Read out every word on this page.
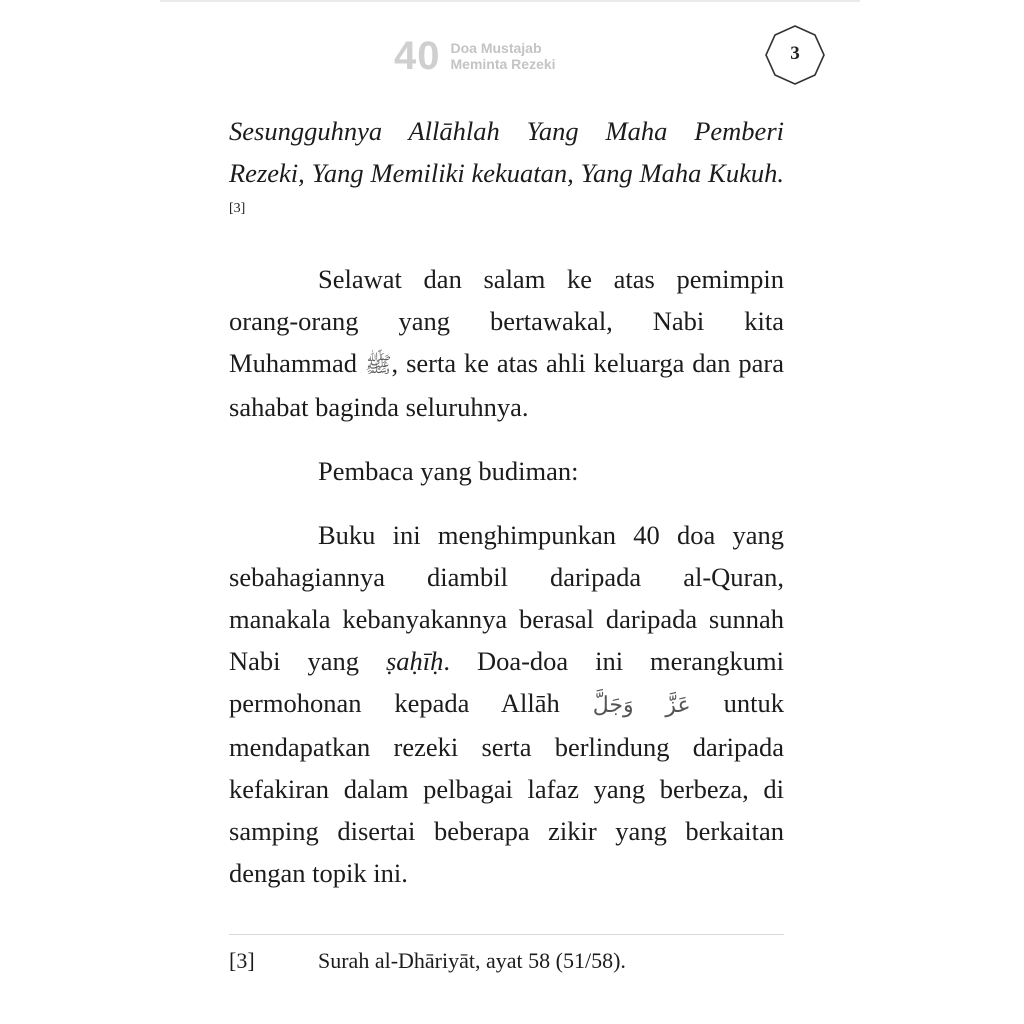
40 Doa Mustajab
Meminta Rezeki	3

Sesungguhnya Allāhlah Yang Maha Pemberi Rezeki, Yang Memiliki kekuatan, Yang Maha Kukuh.[3]

Selawat dan salam ke atas pemimpin orang-orang yang bertawakal, Nabi kita Muhammad ﷺ, serta ke atas ahli keluarga dan para sahabat baginda seluruhnya.

Pembaca yang budiman:

Buku ini menghimpunkan 40 doa yang sebahagiannya diambil daripada al-Quran, manakala kebanyakannya berasal daripada sunnah Nabi yang ṣaḥīḥ. Doa-doa ini merangkumi permohonan kepada Allāh عَزَّ وَجَلَّ untuk mendapatkan rezeki serta berlindung daripada kefakiran dalam pelbagai lafaz yang berbeza, di samping disertai beberapa zikir yang berkaitan dengan topik ini.

[3]	Surah al-Dhāriyāt, ayat 58 (51/58).
